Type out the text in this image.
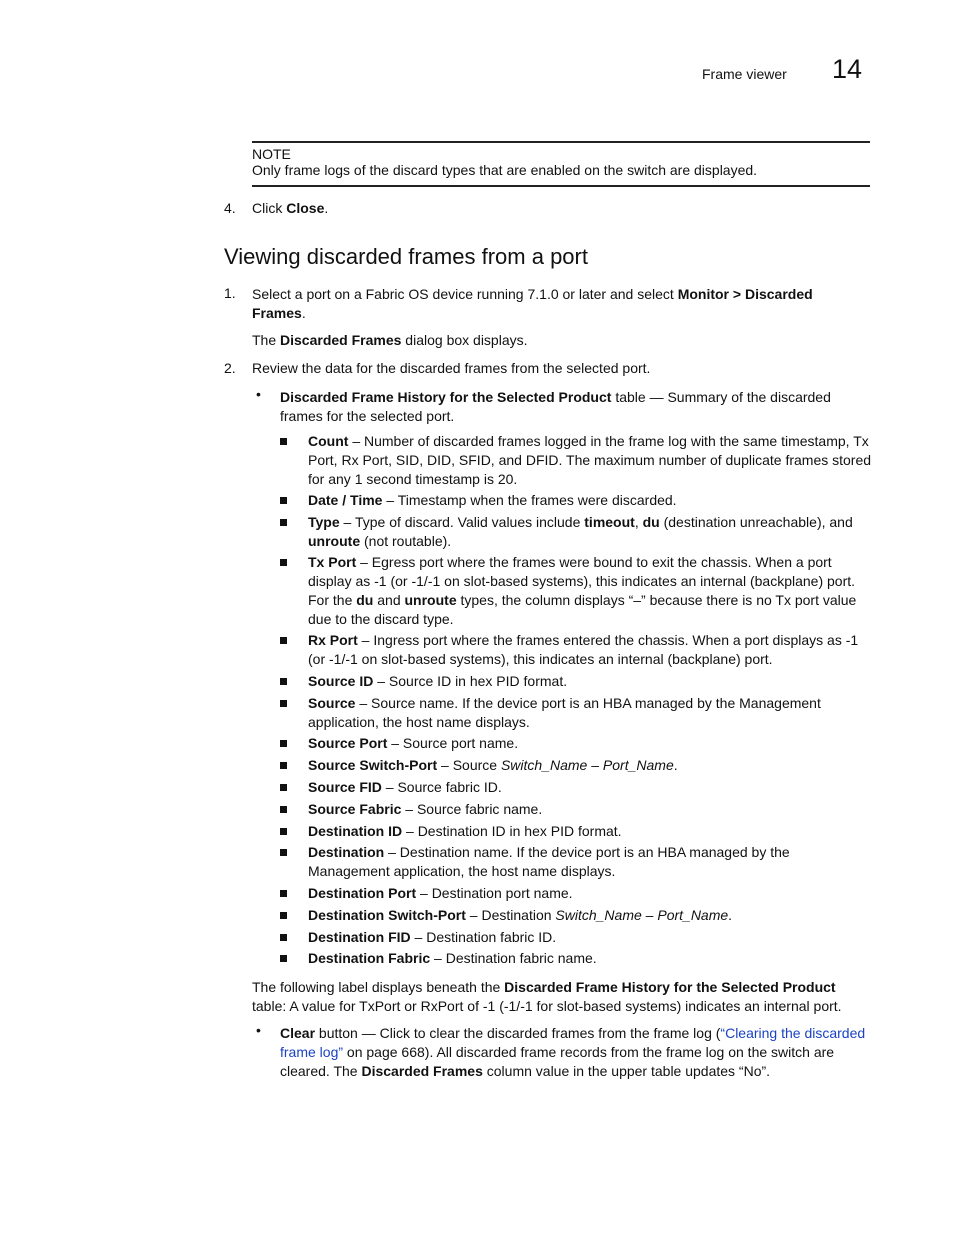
Frame viewer 14
NOTE
Only frame logs of the discard types that are enabled on the switch are displayed.
4.	Click Close.
Viewing discarded frames from a port
1.	Select a port on a Fabric OS device running 7.1.0 or later and select Monitor > Discarded Frames.
The Discarded Frames dialog box displays.
2.	Review the data for the discarded frames from the selected port.
• Discarded Frame History for the Selected Product table — Summary of the discarded frames for the selected port.
Count – Number of discarded frames logged in the frame log with the same timestamp, Tx Port, Rx Port, SID, DID, SFID, and DFID. The maximum number of duplicate frames stored for any 1 second timestamp is 20.
Date / Time – Timestamp when the frames were discarded.
Type – Type of discard. Valid values include timeout, du (destination unreachable), and unroute (not routable).
Tx Port – Egress port where the frames were bound to exit the chassis. When a port display as -1 (or -1/-1 on slot-based systems), this indicates an internal (backplane) port. For the du and unroute types, the column displays “–” because there is no Tx port value due to the discard type.
Rx Port – Ingress port where the frames entered the chassis. When a port displays as -1 (or -1/-1 on slot-based systems), this indicates an internal (backplane) port.
Source ID – Source ID in hex PID format.
Source – Source name. If the device port is an HBA managed by the Management application, the host name displays.
Source Port – Source port name.
Source Switch-Port – Source Switch_Name – Port_Name.
Source FID – Source fabric ID.
Source Fabric – Source fabric name.
Destination ID – Destination ID in hex PID format.
Destination – Destination name. If the device port is an HBA managed by the Management application, the host name displays.
Destination Port – Destination port name.
Destination Switch-Port – Destination Switch_Name – Port_Name.
Destination FID – Destination fabric ID.
Destination Fabric – Destination fabric name.
The following label displays beneath the Discarded Frame History for the Selected Product table: A value for TxPort or RxPort of -1 (-1/-1 for slot-based systems) indicates an internal port.
• Clear button — Click to clear the discarded frames from the frame log (“Clearing the discarded frame log” on page 668). All discarded frame records from the frame log on the switch are cleared. The Discarded Frames column value in the upper table updates “No”.
